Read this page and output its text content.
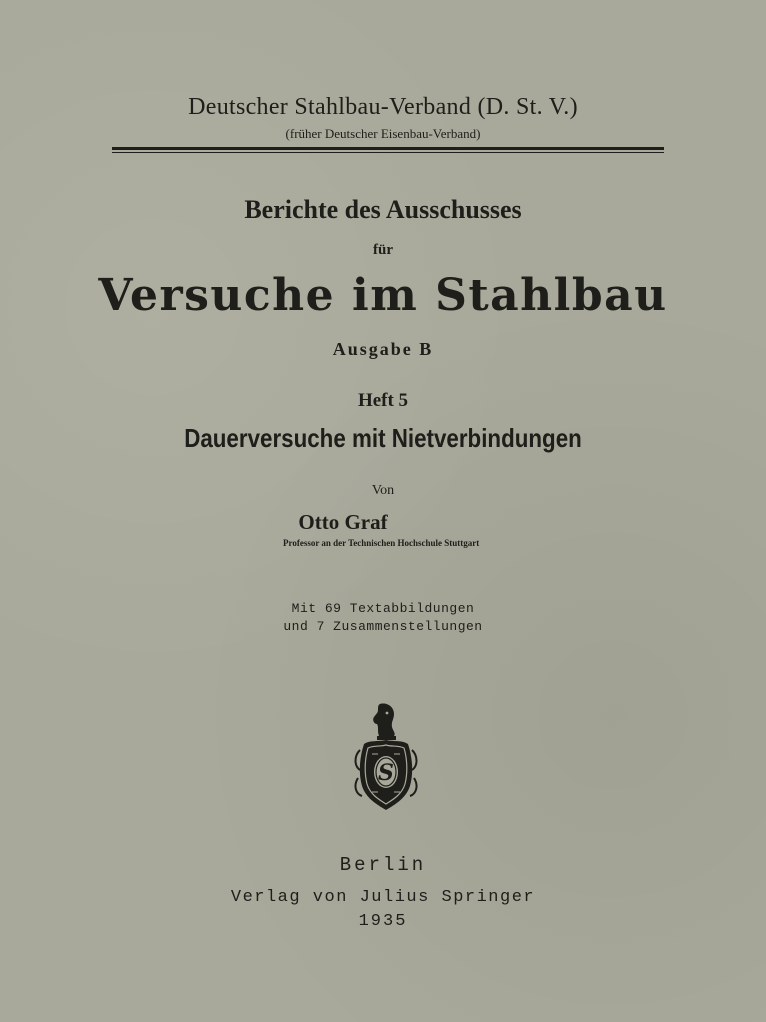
Deutscher Stahlbau-Verband (D. St. V.)
(früher Deutscher Eisenbau-Verband)
Berichte des Ausschusses
für
Versuche im Stahlbau
Ausgabe B
Heft 5
Dauerversuche mit Nietverbindungen
Von
Otto Graf
Professor an der Technischen Hochschule Stuttgart
Mit 69 Textabbildungen
und 7 Zusammenstellungen
S
Berlin
Verlag von Julius Springer
1935
